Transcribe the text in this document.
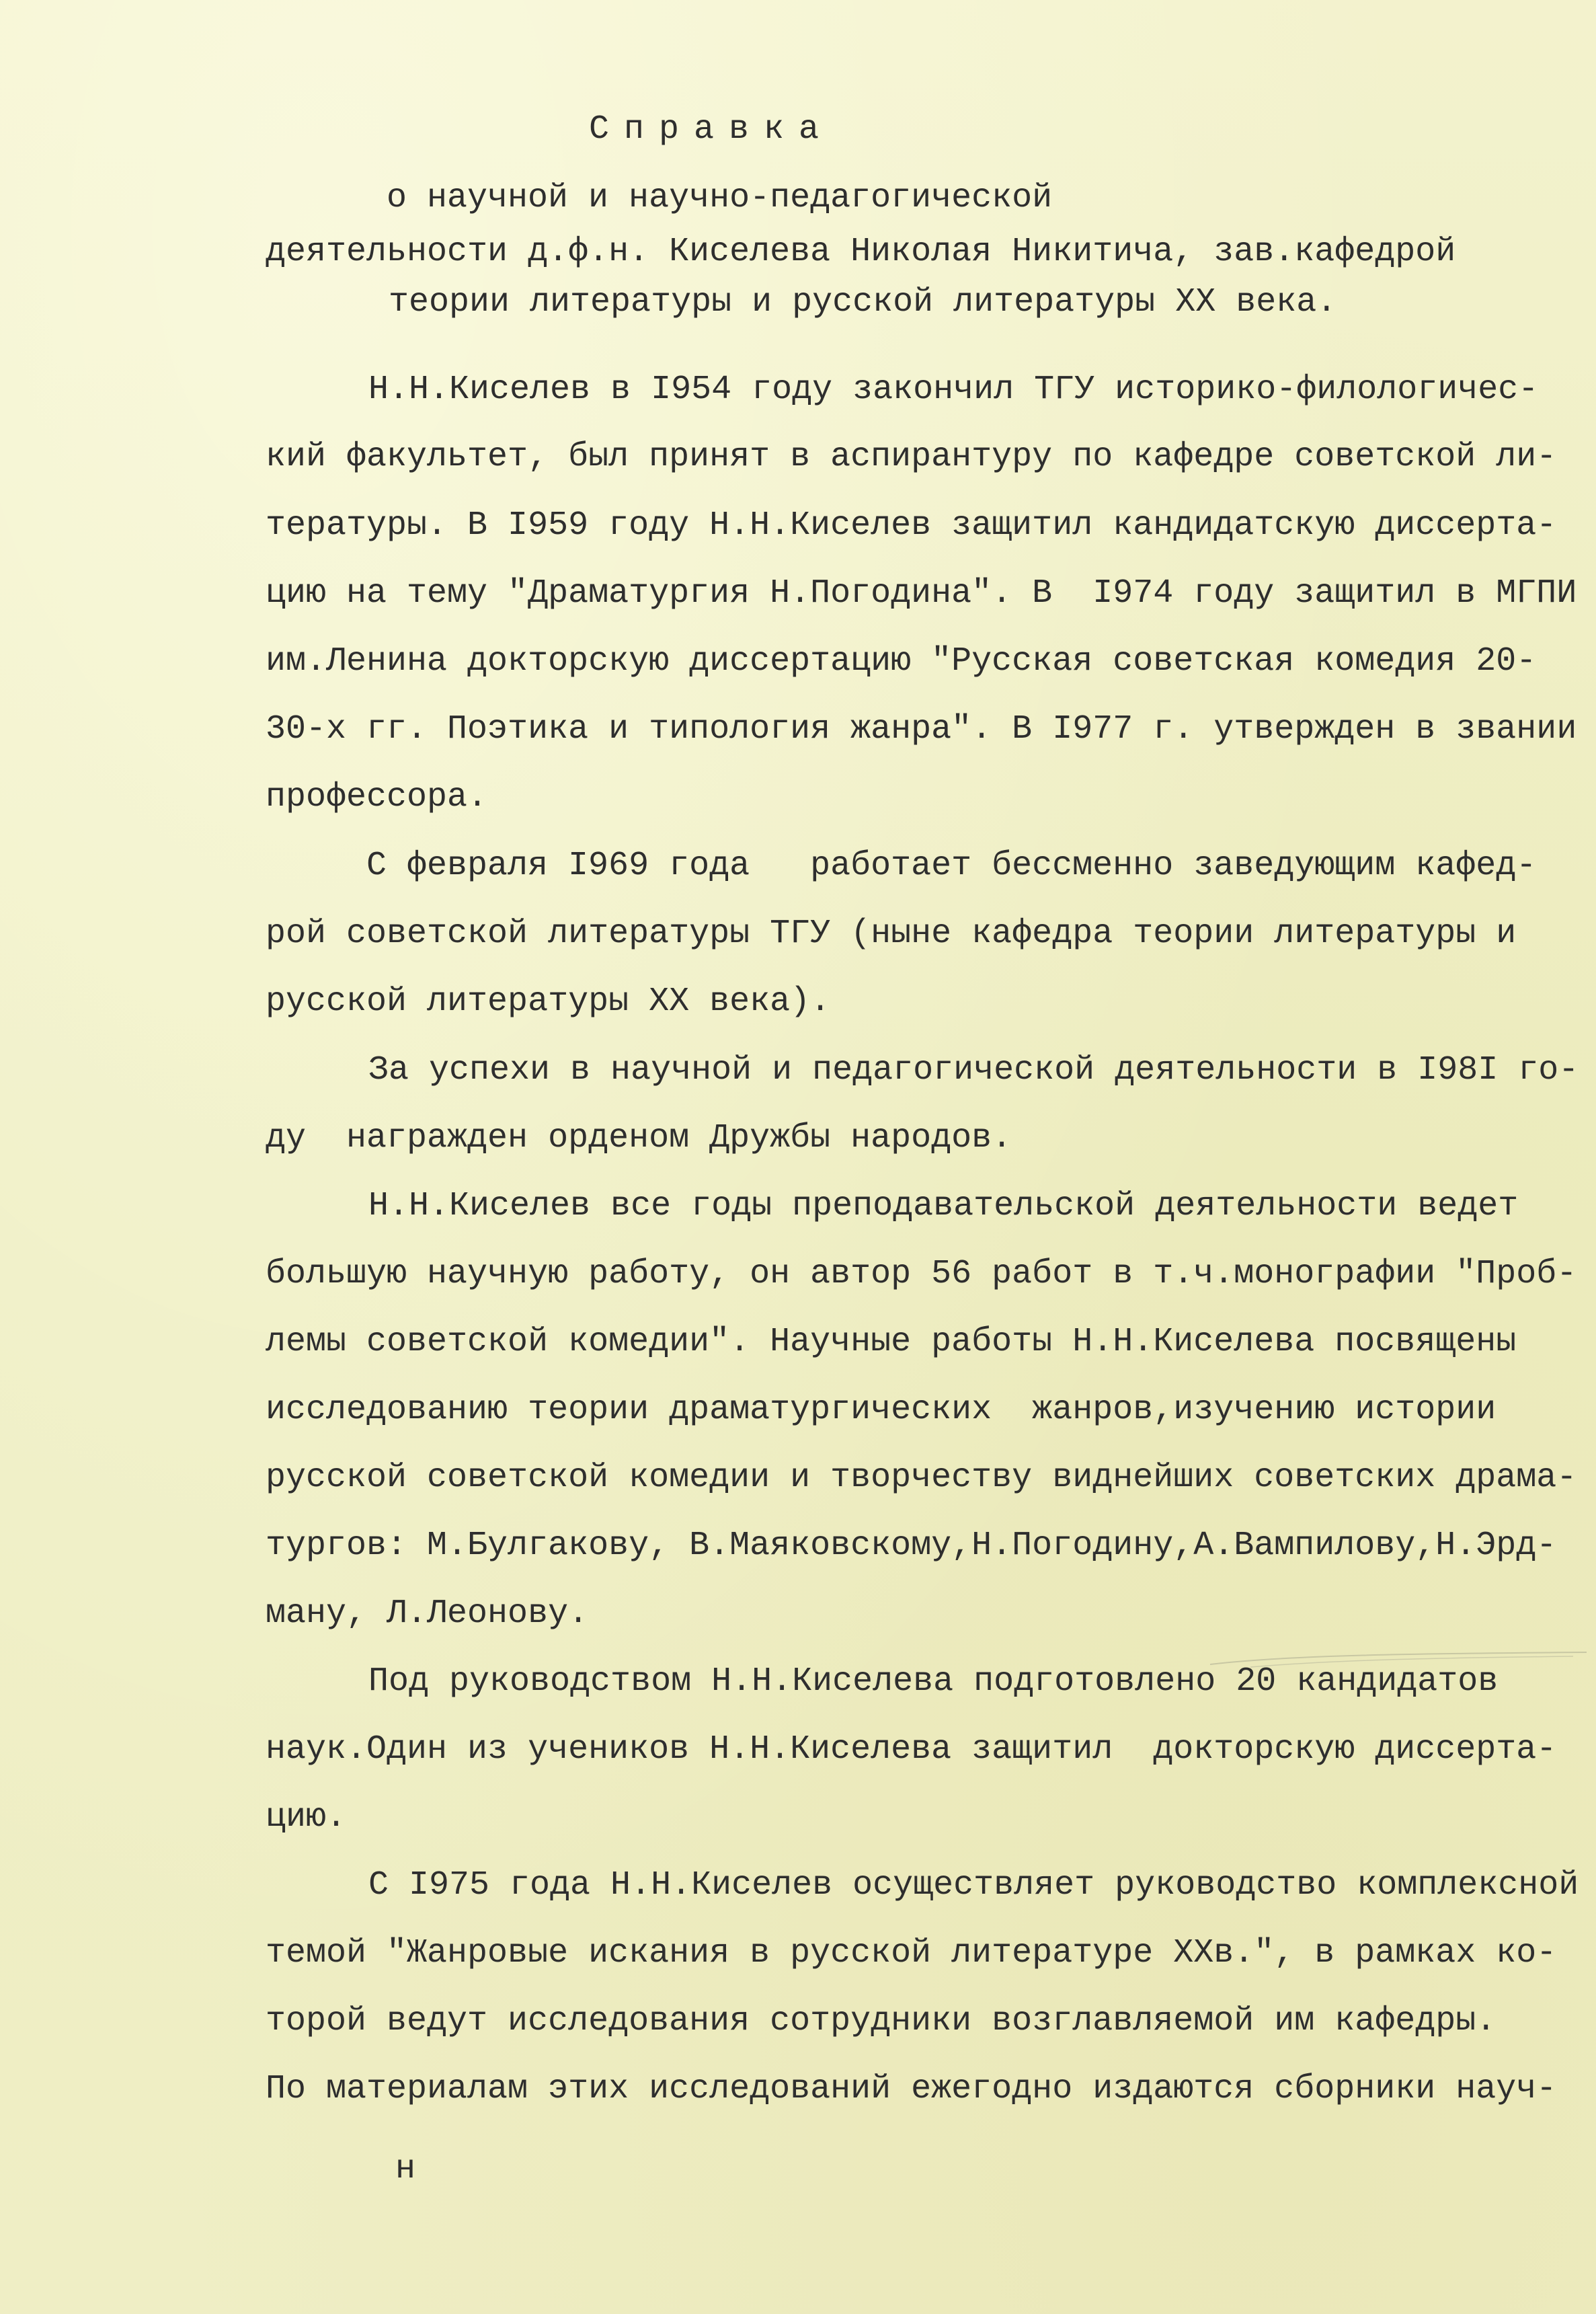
Справка

о научной и научно-педагогической

деятельности д.ф.н. Киселева Николая Никитича, зав.кафедрой

теории литературы и русской литературы XX века.

Н.Н.Киселев в I954 году закончил ТГУ историко-филологичес-

кий факультет, был принят в аспирантуру по кафедре советской ли-

тературы. В I959 году Н.Н.Киселев защитил кандидатскую диссерта-

цию на тему "Драматургия Н.Погодина". В  I974 году защитил в МГПИ

им.Ленина докторскую диссертацию "Русская советская комедия 20-

30-х гг. Поэтика и типология жанра". В I977 г. утвержден в звании

профессора.

С февраля I969 года   работает бессменно заведующим кафед-

рой советской литературы ТГУ (ныне кафедра теории литературы и

русской литературы XX века).

За успехи в научной и педагогической деятельности в I98I го-

ду  награжден орденом Дружбы народов.

Н.Н.Киселев все годы преподавательской деятельности ведет

большую научную работу, он автор 56 работ в т.ч.монографии "Проб-

лемы советской комедии". Научные работы Н.Н.Киселева посвящены

исследованию теории драматургических  жанров,изучению истории

русской советской комедии и творчеству виднейших советских драма-

тургов: М.Булгакову, В.Маяковскому,Н.Погодину,А.Вампилову,Н.Эрд-

ману, Л.Леонову.

Под руководством Н.Н.Киселева подготовлено 20 кандидатов

наук.Один из учеников Н.Н.Киселева защитил  докторскую диссерта-

цию.

С I975 года Н.Н.Киселев осуществляет руководство комплексной

темой "Жанровые искания в русской литературе XXв.", в рамках ко-

торой ведут исследования сотрудники возглавляемой им кафедры.

По материалам этих исследований ежегодно издаются сборники науч-

н
